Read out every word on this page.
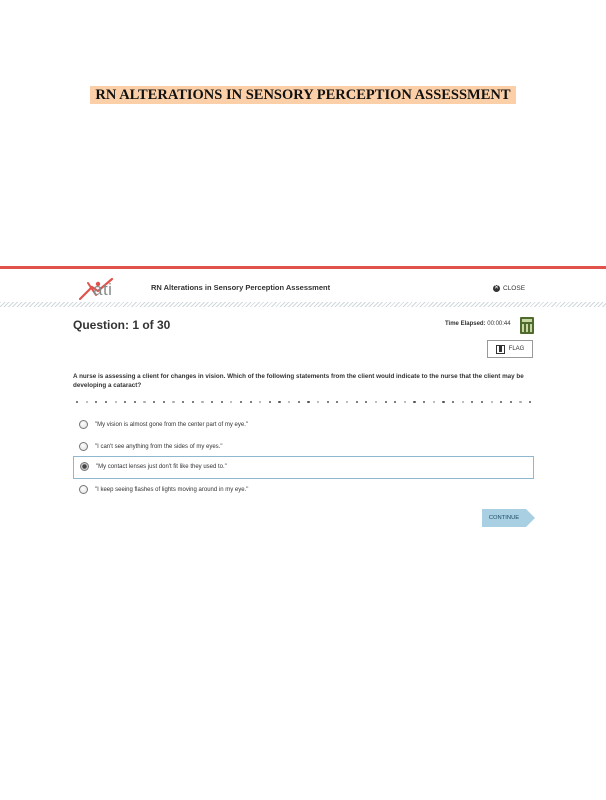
RN ALTERATIONS IN SENSORY PERCEPTION ASSESSMENT
ati	RN Alterations in Sensory Perception Assessment	✕ CLOSE
Question: 1 of 30	Time Elapsed: 00:00:44
FLAG
A nurse is assessing a client for changes in vision. Which of the following statements from the client would indicate to the nurse that the client may be developing a cataract?
"My vision is almost gone from the center part of my eye."
"I can't see anything from the sides of my eyes."
"My contact lenses just don't fit like they used to."
"I keep seeing flashes of lights moving around in my eye."
CONTINUE
